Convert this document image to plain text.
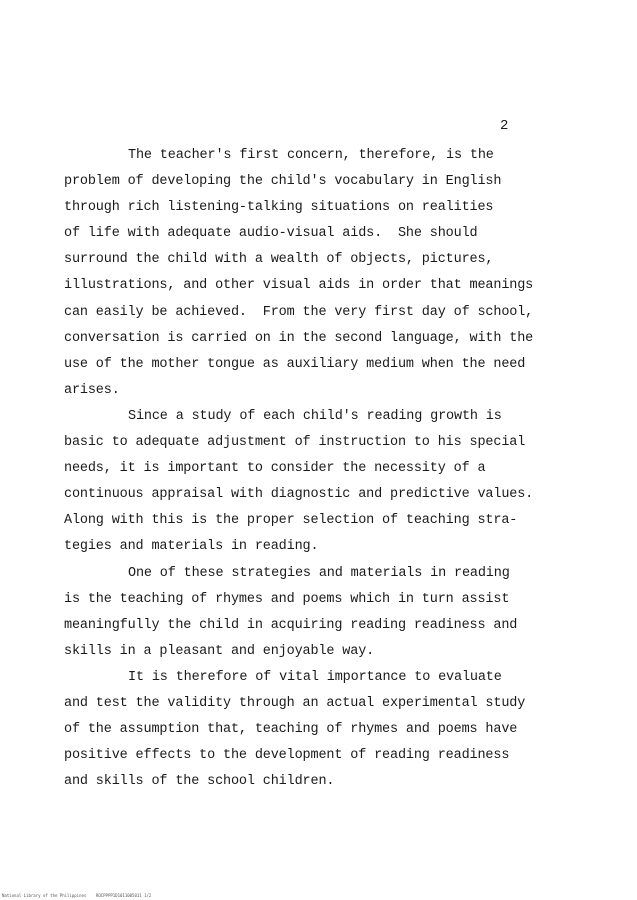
2
The teacher's first concern, therefore, is the
problem of developing the child's vocabulary in English
through rich listening-talking situations on realities
of life with adequate audio-visual aids.  She should
surround the child with a wealth of objects, pictures,
illustrations, and other visual aids in order that meanings
can easily be achieved.  From the very first day of school,
conversation is carried on in the second language, with the
use of the mother tongue as auxiliary medium when the need
arises.
Since a study of each child's reading growth is
basic to adequate adjustment of instruction to his special
needs, it is important to consider the necessity of a
continuous appraisal with diagnostic and predictive values.
Along with this is the proper selection of teaching stra-
tegies and materials in reading.
One of these strategies and materials in reading
is the teaching of rhymes and poems which in turn assist
meaningfully the child in acquiring reading readiness and
skills in a pleasant and enjoyable way.
It is therefore of vital importance to evaluate
and test the validity through an actual experimental study
of the assumption that, teaching of rhymes and poems have
positive effects to the development of reading readiness
and skills of the school children.
National Library of the Philippines    ROCPPPP1D1011005011 1/2
